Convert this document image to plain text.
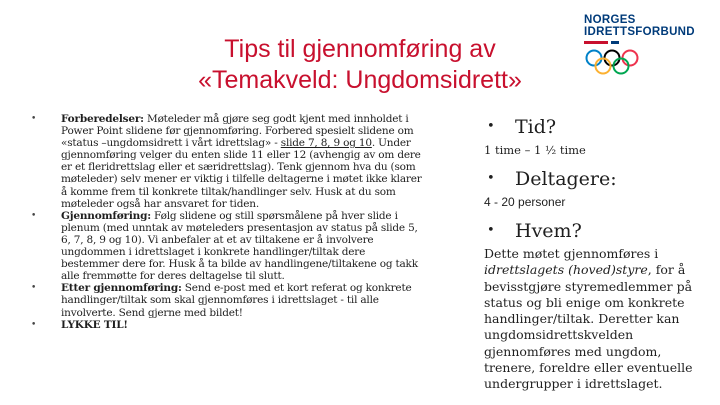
Tips til gjennomføring av
«Temakveld: Ungdomsidrett»
NORGES
IDRETTSFORBUND
• Forberedelser: Møteleder må gjøre seg godt kjent med innholdet i Power Point slidene før gjennomføring. Forbered spesielt slidene om «status –ungdomsidrett i vårt idrettslag» - slide 7, 8, 9 og 10. Under gjennomføring velger du enten slide 11 eller 12 (avhengig av om dere er et fleridrettslag eller et særidrettslag). Tenk gjennom hva du (som møteleder) selv mener er viktig i tilfelle deltagerne i møtet ikke klarer å komme frem til konkrete tiltak/handlinger selv. Husk at du som møteleder også har ansvaret for tiden.
• Gjennomføring: Følg slidene og still spørsmålene på hver slide i plenum (med unntak av møteleders presentasjon av status på slide 5, 6, 7, 8, 9 og 10). Vi anbefaler at et av tiltakene er å involvere ungdommen i idrettslaget i konkrete handlinger/tiltak dere bestemmer dere for. Husk å ta bilde av handlingene/tiltakene og takk alle fremmøtte for deres deltagelse til slutt.
• Etter gjennomføring: Send e-post med et kort referat og konkrete handlinger/tiltak som skal gjennomføres i idrettslaget - til alle involverte. Send gjerne med bildet!
• LYKKE TIL!
• Tid?
1 time – 1 ½ time
• Deltagere:
4 - 20 personer
• Hvem?
Dette møtet gjennomføres i idrettslagets (hoved)styre, for å bevisstgjøre styremedlemmer på status og bli enige om konkrete handlinger/tiltak. Deretter kan ungdomsidrettskvelden gjennomføres med ungdom, trenere, foreldre eller eventuelle undergrupper i idrettslaget.
